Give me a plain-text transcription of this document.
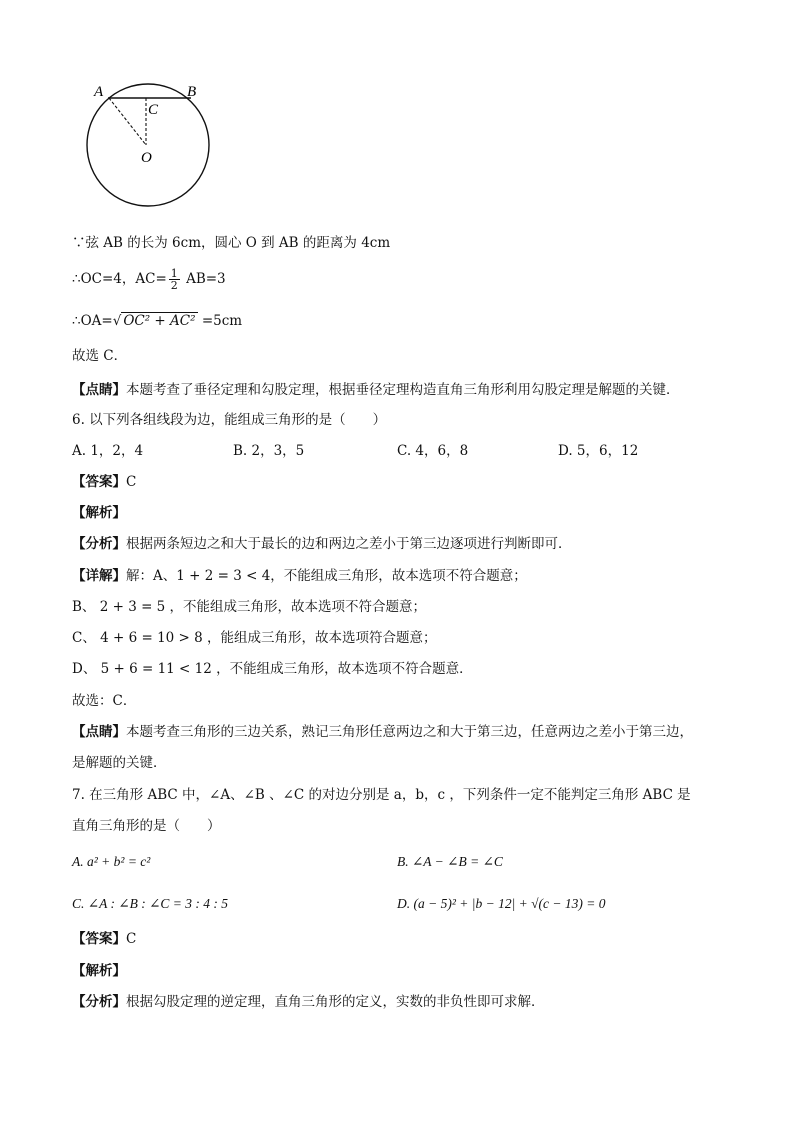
A	B
C
O
∵弦 AB 的长为 6cm，圆心 O 到 AB 的距离为 4cm
∴OC=4，$AC= \frac{1}{2} AB=3$
∴OA=√ OC² + AC² =5cm
故选 C．
【点睛】本题考查了垂径定理和勾股定理，根据垂径定理构造直角三角形利用勾股定理是解题的关键．
6. 以下列各组线段为边，能组成三角形的是（　　）
A. 1，2，4	B. 2，3，5	C. 4，6，8	D. 5，6，12
【答案】C
【解析】
【分析】根据两条短边之和大于最长的边和两边之差小于第三边逐项进行判断即可．
【详解】解：A、1 + 2 = 3 < 4，不能组成三角形，故本选项不符合题意；
B、 2 + 3 = 5 ，不能组成三角形，故本选项不符合题意；
C、 4 + 6 = 10 > 8 ，能组成三角形，故本选项符合题意；
D、 5 + 6 = 11 < 12 ，不能组成三角形，故本选项不符合题意．
故选：C．
【点睛】本题考查三角形的三边关系，熟记三角形任意两边之和大于第三边，任意两边之差小于第三边，
是解题的关键．
7. 在三角形 ABC 中，∠A、∠B 、∠C 的对边分别是 a，b，c ，下列条件一定不能判定三角形 ABC 是
直角三角形的是（　　）
A. a² + b² = c²	B. ∠A − ∠B = ∠C
C. ∠A : ∠B : ∠C = 3 : 4 : 5	D. (a − 5)² + |b − 12| + √(c − 13) = 0
【答案】C
【解析】
【分析】根据勾股定理的逆定理，直角三角形的定义，实数的非负性即可求解．
